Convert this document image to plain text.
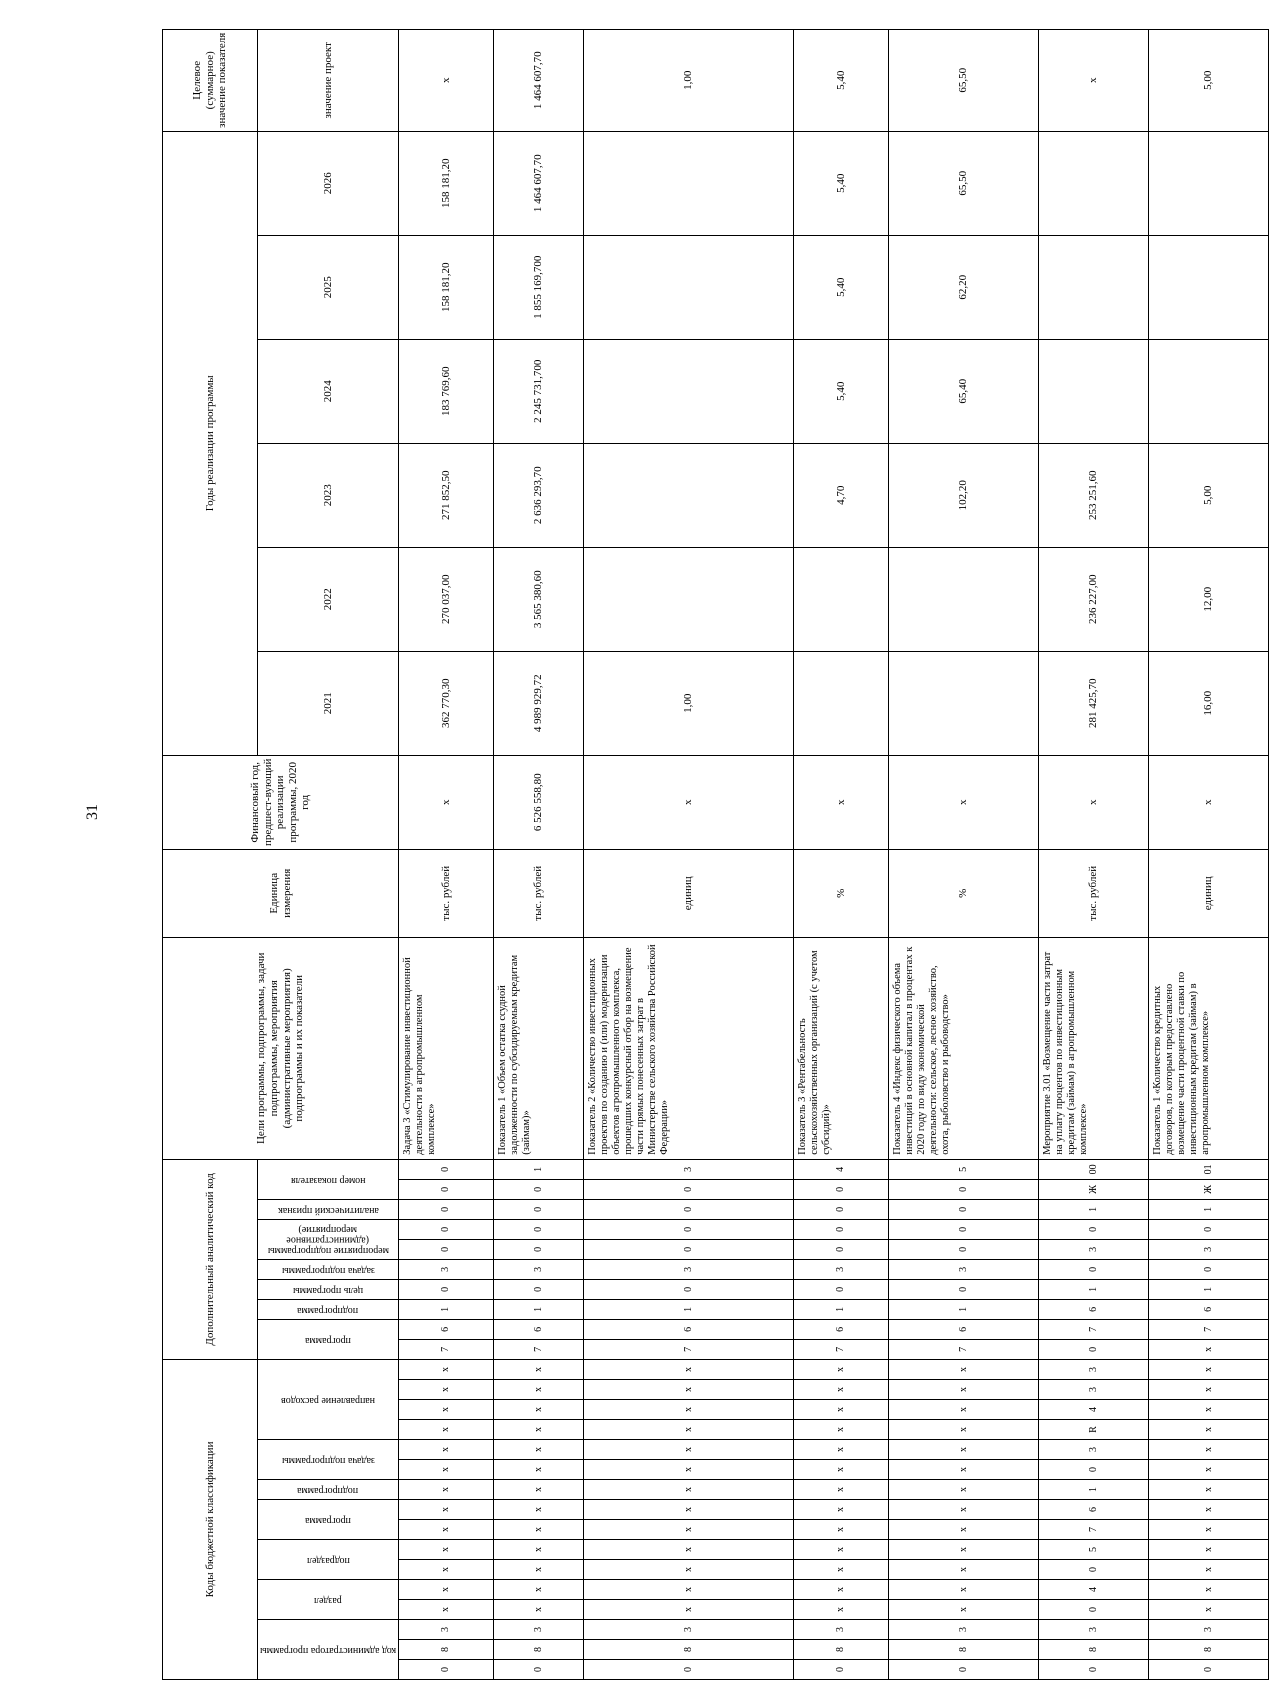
31
Коды бюджетной классификации																Дополнительный аналитический код										Цели программы, подпрограммы, задачи подпрограммы, мероприятия (административные мероприятия) подпрограммы и их показатели	Единица измерения	Финансовый год, предшест-вующий реализации программы, 2020 год	Годы реализации программы						Целевое (суммарное) значение показателя

код администратора программы			раздел		подраздел		программа		подпрограмма	задача подпрограммы		направление расходов				программа		подпрограмма	цель программы	задача подпрограммы	мероприятие подпрограммы (административное мероприятие)		аналитический признак	номер показателя					2021	2022	2023	2024	2025	2026	значение проект
0	8	3	х	х	х	х	х	х	х	х	х	х	х	х	х	7	6	1	0	3	0	0	0	0	0	Задача 3 «Стимулирование инвестиционной деятельности в агропромышленном комплексе»	тыс. рублей	х	362 770,30	270 037,00	271 852,50	183 769,60	158 181,20	158 181,20	х
0	8	3	х	х	х	х	х	х	х	х	х	х	х	х	х	7	6	1	0	3	0	0	0	0	1	Показатель 1 «Объем остатка ссудной задолженности по субсидируемым кредитам (займам)»	тыс. рублей	6 526 558,80	4 989 929,72	3 565 380,60	2 636 293,70	2 245 731,700	1 855 169,700	1 464 607,70	1 464 607,70
0	8	3	х	х	х	х	х	х	х	х	х	х	х	х	х	7	6	1	0	3	0	0	0	0	3	Показатель 2 «Количество инвестиционных проектов по созданию и (или) модернизации объектов агропромышленного комплекса, прошедших конкурсный отбор на возмещение части прямых понесенных затрат в Министерстве сельского хозяйства Российской Федерации»	единиц	х	1,00						1,00
0	8	3	х	х	х	х	х	х	х	х	х	х	х	х	х	7	6	1	0	3	0	0	0	0	4	Показатель 3 «Рентабельность сельскохозяйственных организаций (с учетом субсидий)»	%	х			4,70	5,40	5,40	5,40	5,40
0	8	3	х	х	х	х	х	х	х	х	х	х	х	х	х	7	6	1	0	3	0	0	0	0	5	Показатель 4 «Индекс физического объема инвестиций в основной капитал в процентах к 2020 году по виду экономической деятельности: сельское, лесное хозяйство, охота, рыболовство и рыбоводство»	%	х			102,20	65,40	62,20	65,50	65,50
0	8	3	0	4	0	5	7	6	1	0	3	R	4	3	3	0	7	6	1	0	3	0	1	Ж	00	Мероприятие 3.01 «Возмещение части затрат на уплату процентов по инвестиционным кредитам (займам) в агропромышленном комплексе»	тыс. рублей	х	281 425,70	236 227,00	253 251,60				х
0	8	3	х	х	х	х	х	х	х	х	х	х	х	х	х	х	7	6	1	0	3	0	1	Ж	01	Показатель 1 «Количество кредитных договоров, по которым предоставлено возмещение части процентной ставки по инвестиционным кредитам (займам) в агропромышленном комплексе»	единиц	х	16,00	12,00	5,00				5,00
